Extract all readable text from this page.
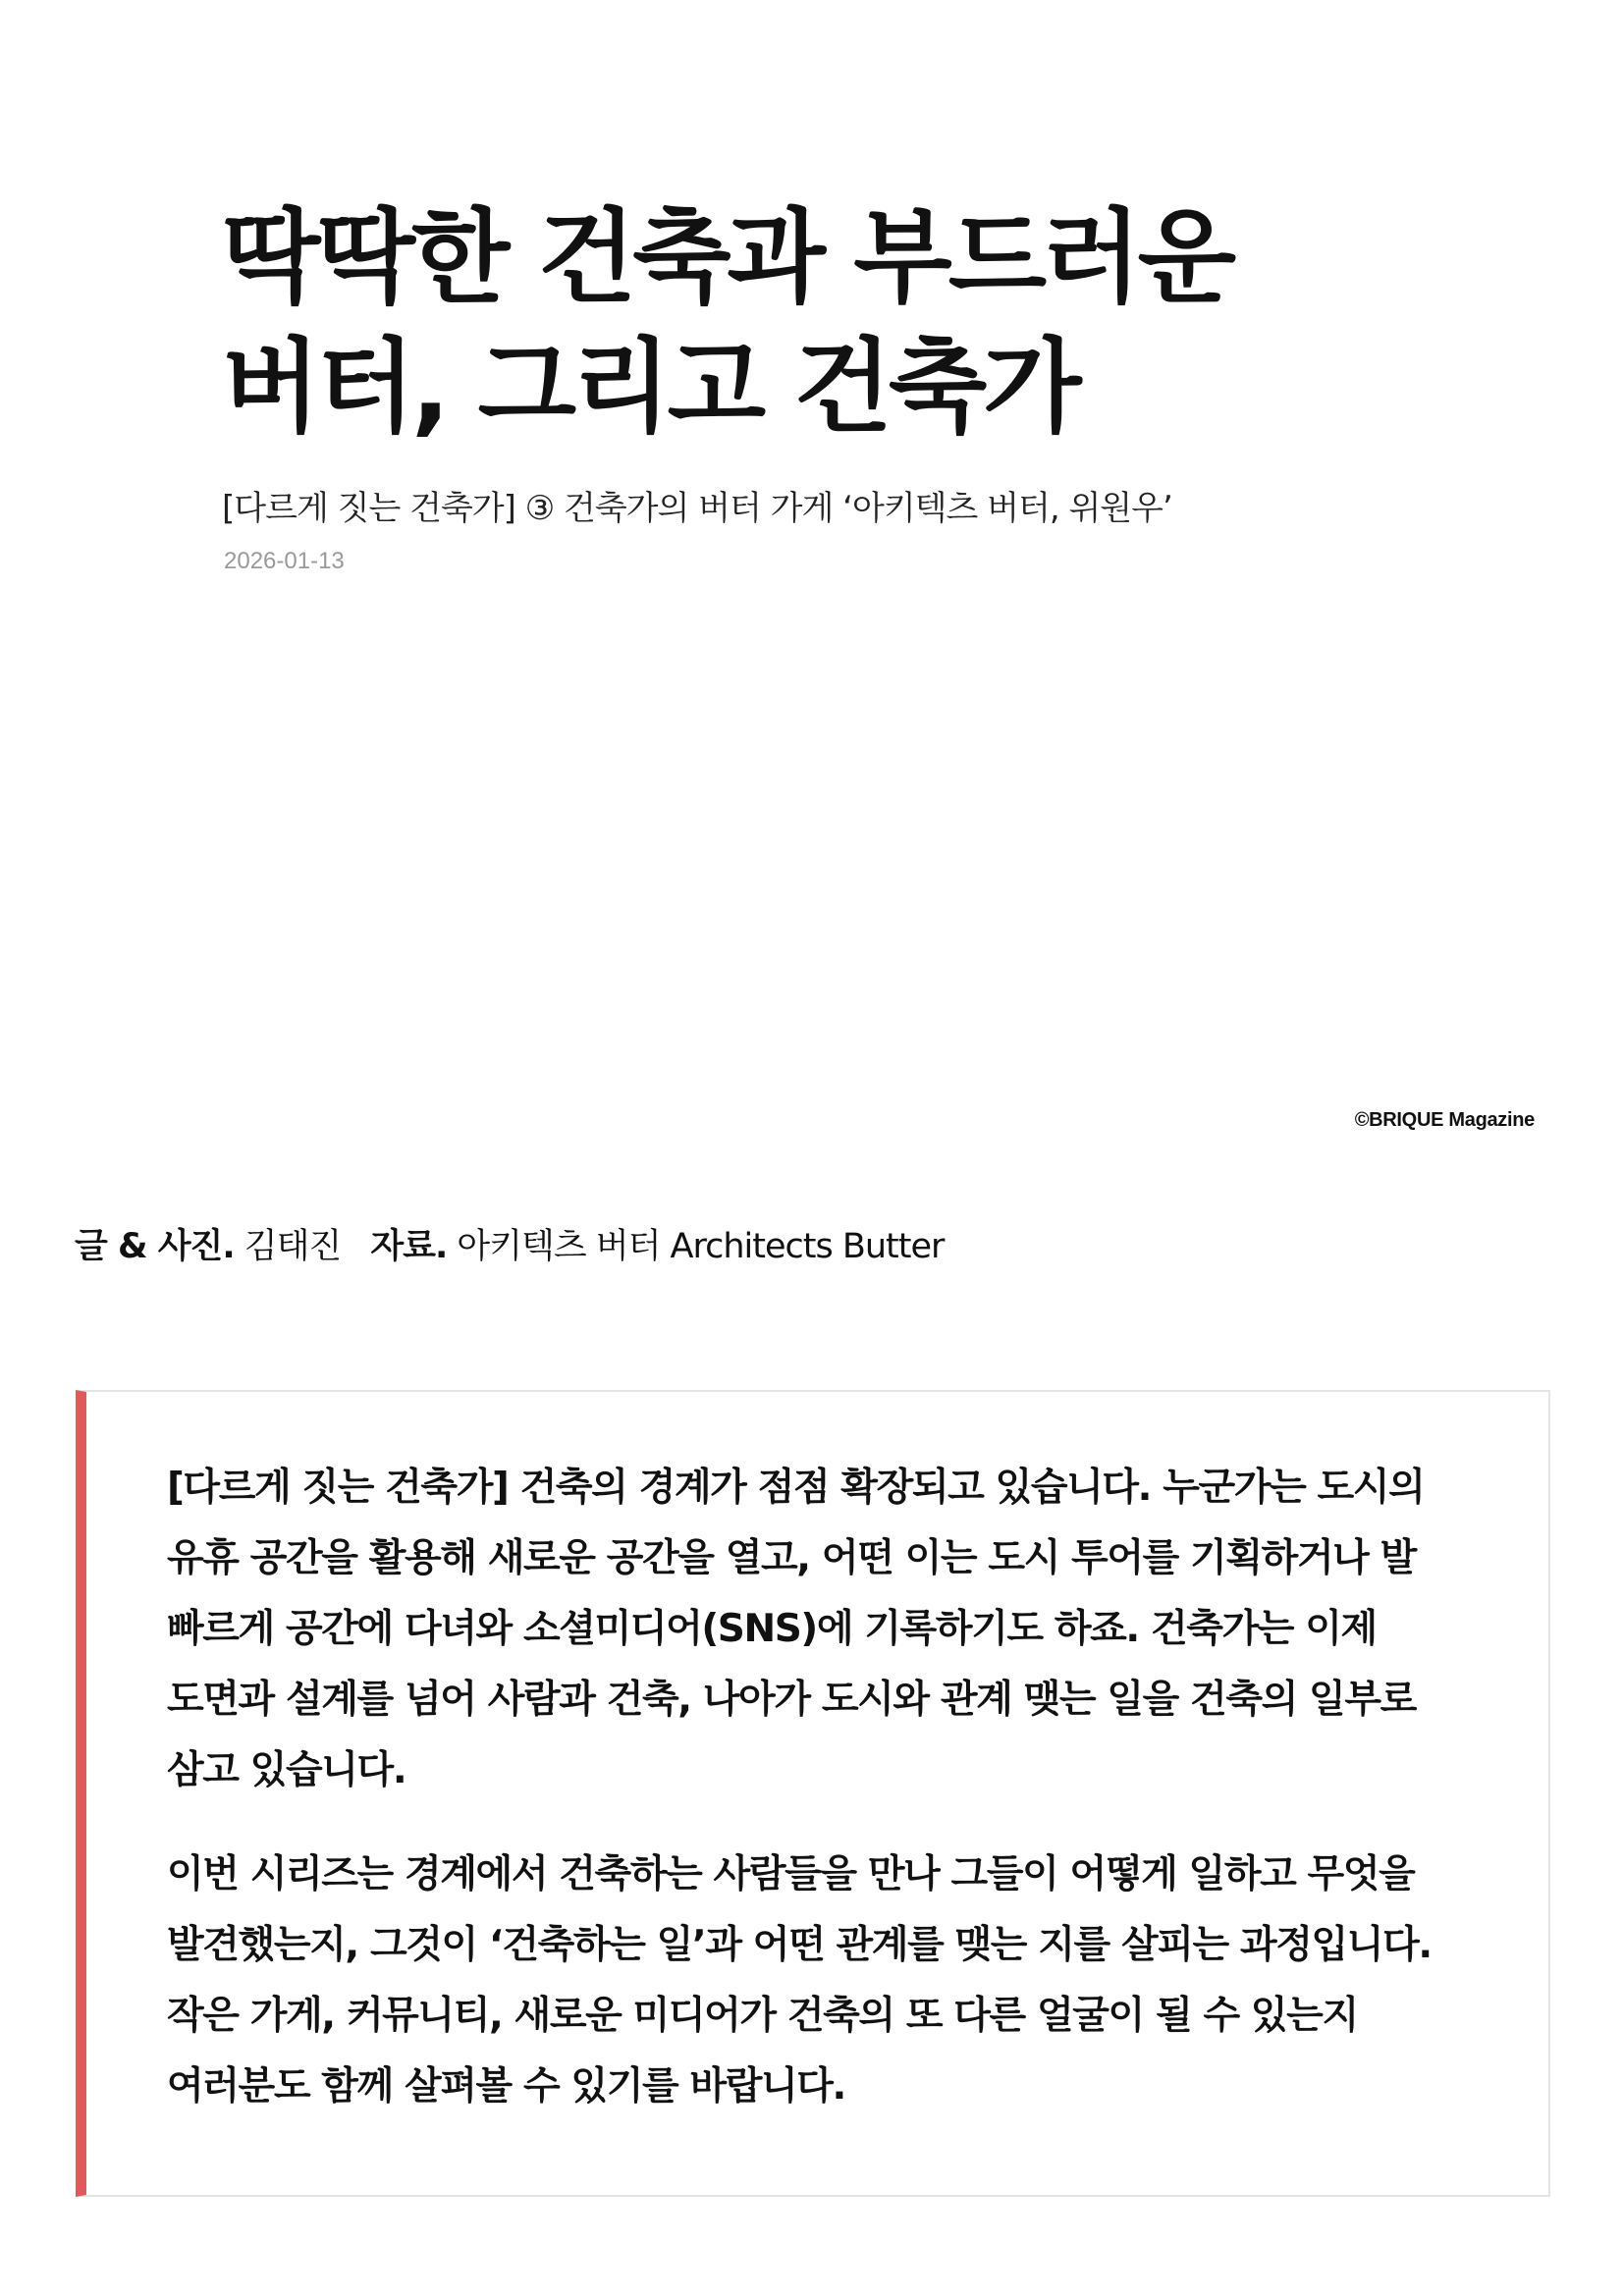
딱딱한 건축과 부드러운
버터, 그리고 건축가

[다르게 짓는 건축가] ③ 건축가의 버터 가게 ‘아키텍츠 버터, 위원우’

2026-01-13
©BRIQUE Magazine
글 & 사진. 김태진 자료. 아키텍츠 버터 Architects Butter
[다르게 짓는 건축가] 건축의 경계가 점점 확장되고 있습니다. 누군가는 도시의
유휴 공간을 활용해 새로운 공간을 열고, 어떤 이는 도시 투어를 기획하거나 발
빠르게 공간에 다녀와 소셜미디어(SNS)에 기록하기도 하죠. 건축가는 이제
도면과 설계를 넘어 사람과 건축, 나아가 도시와 관계 맺는 일을 건축의 일부로
삼고 있습니다.
이번 시리즈는 경계에서 건축하는 사람들을 만나 그들이 어떻게 일하고 무엇을
발견했는지, 그것이 ‘건축하는 일’과 어떤 관계를 맺는 지를 살피는 과정입니다.
작은 가게, 커뮤니티, 새로운 미디어가 건축의 또 다른 얼굴이 될 수 있는지
여러분도 함께 살펴볼 수 있기를 바랍니다.
